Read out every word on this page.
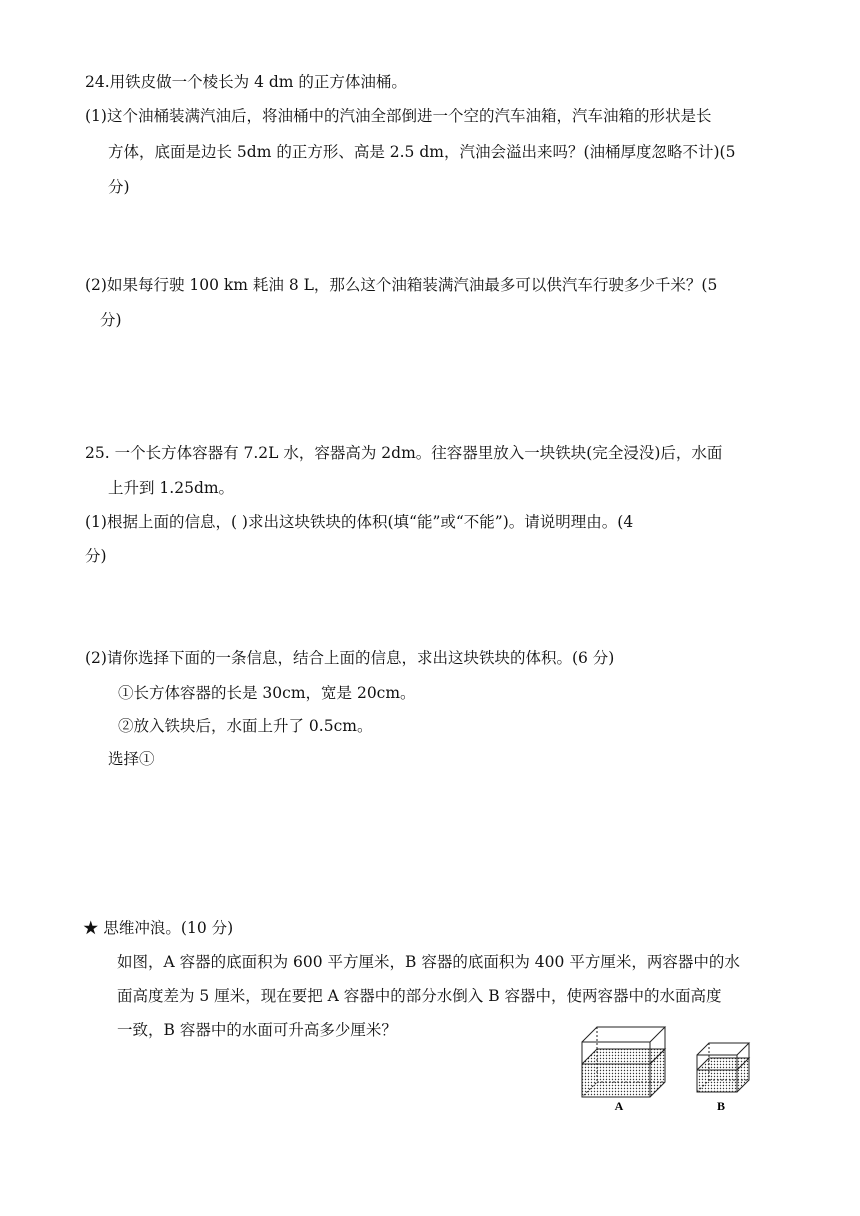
24.用铁皮做一个棱长为 4 dm 的正方体油桶。
(1)这个油桶装满汽油后，将油桶中的汽油全部倒进一个空的汽车油箱，汽车油箱的形状是长
方体，底面是边长 5dm 的正方形、高是 2.5 dm，汽油会溢出来吗？(油桶厚度忽略不计)(5
分)
(2)如果每行驶 100 km 耗油 8 L，那么这个油箱装满汽油最多可以供汽车行驶多少千米？(5
分)
25. 一个长方体容器有 7.2L 水，容器高为 2dm。往容器里放入一块铁块(完全浸没)后，水面
上升到 1.25dm。
(1)根据上面的信息，( )求出这块铁块的体积(填“能”或“不能”)。请说明理由。(4
分)
(2)请你选择下面的一条信息，结合上面的信息，求出这块铁块的体积。(6 分)
①长方体容器的长是 30cm，宽是 20cm。
②放入铁块后，水面上升了 0.5cm。
选择①
★ 思维冲浪。(10 分)
如图，A 容器的底面积为 600 平方厘米，B 容器的底面积为 400 平方厘米，两容器中的水
面高度差为 5 厘米，现在要把 A 容器中的部分水倒入 B 容器中，使两容器中的水面高度
一致，B 容器中的水面可升高多少厘米？
A	B
